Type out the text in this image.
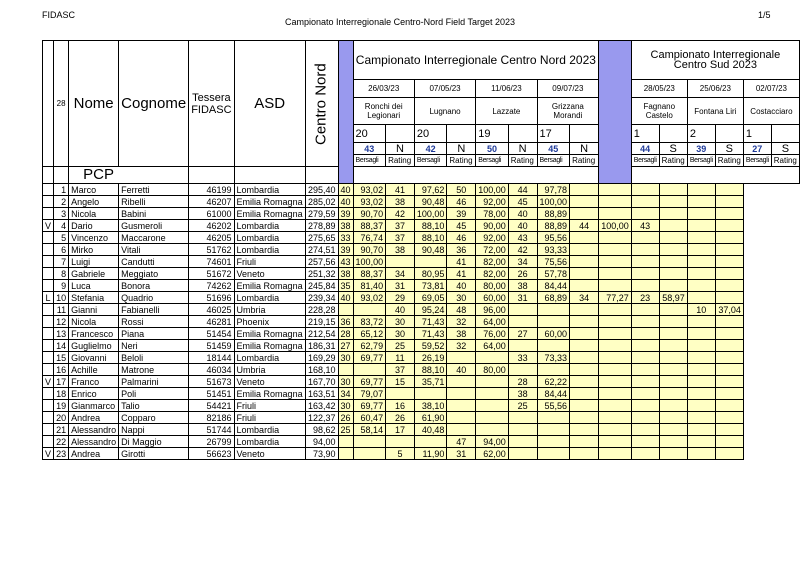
FIDASC
Campionato Interregionale Centro-Nord Field Target 2023
1/5
	28	Nome	Cognome	Tessera FIDASC	ASD	Centro Nord		Campionato Interregionale Centro Nord 2023									Campionato Interregionale Centro Sud 2023					
								26/03/23		07/05/23		11/06/23		09/07/23			28/05/23		25/06/23		02/07/23	
								Ronchi dei Legionari		Lugnano		Lazzate		Grizzana Morandi			Fagnano Castelo		Fontana Liri		Costacciaro	
								20		20		19		17			1		2		1	
								43	N	42	N	50	N	45	N		44	S	39	S	27	S
								Bersagli	Rating	Bersagli	Rating	Bersagli	Rating	Bersagli	Rating		Bersagli	Rating	Bersagli	Rating	Bersagli	Rating
		PCP																				
	1	Marco	Ferretti	46199	Lombardia	295,40	40	93,02	41	97,62	50	100,00	44	97,78								
	2	Angelo	Ribelli	46207	Emilia Romagna	285,02	40	93,02	38	90,48	46	92,00	45	100,00								
	3	Nicola	Babini	61000	Emilia Romagna	279,59	39	90,70	42	100,00	39	78,00	40	88,89								
V	4	Dario	Gusmeroli	46202	Lombardia	278,89	38	88,37	37	88,10	45	90,00	40	88,89	44	100,00	43					
	5	Vincenzo	Maccarone	46205	Lombardia	275,65	33	76,74	37	88,10	46	92,00	43	95,56								
	6	Mirko	Vitali	51762	Lombardia	274,51	39	90,70	38	90,48	36	72,00	42	93,33								
	7	Luigi	Candutti	74601	Friuli	257,56	43	100,00			41	82,00	34	75,56								
	8	Gabriele	Meggiato	51672	Veneto	251,32	38	88,37	34	80,95	41	82,00	26	57,78								
	9	Luca	Bonora	74262	Emilia Romagna	245,84	35	81,40	31	73,81	40	80,00	38	84,44								
L	10	Stefania	Quadrio	51696	Lombardia	239,34	40	93,02	29	69,05	30	60,00	31	68,89	34	77,27	23	58,97				
	11	Gianni	Fabianelli	46025	Umbria	228,28			40	95,24	48	96,00							10	37,04		
	12	Nicola	Rossi	46281	Phoenix	219,15	36	83,72	30	71,43	32	64,00										
	13	Francesco	Piana	51454	Emilia Romagna	212,54	28	65,12	30	71,43	38	76,00	27	60,00								
	14	Guglielmo	Neri	51459	Emilia Romagna	186,31	27	62,79	25	59,52	32	64,00										
	15	Giovanni	Beloli	18144	Lombardia	169,29	30	69,77	11	26,19			33	73,33								
	16	Achille	Matrone	46034	Umbria	168,10			37	88,10	40	80,00										
V	17	Franco	Palmarini	51673	Veneto	167,70	30	69,77	15	35,71			28	62,22								
	18	Enrico	Poli	51451	Emilia Romagna	163,51	34	79,07					38	84,44								
	19	Gianmarco	Talio	54421	Friuli	163,42	30	69,77	16	38,10			25	55,56								
	20	Andrea	Copparo	82186	Friuli	122,37	26	60,47	26	61,90												
	21	Alessandro	Nappi	51744	Lombardia	98,62	25	58,14	17	40,48												
	22	Alessandro	Di Maggio	26799	Lombardia	94,00					47	94,00										
V	23	Andrea	Girotti	56623	Veneto	73,90			5	11,90	31	62,00										
